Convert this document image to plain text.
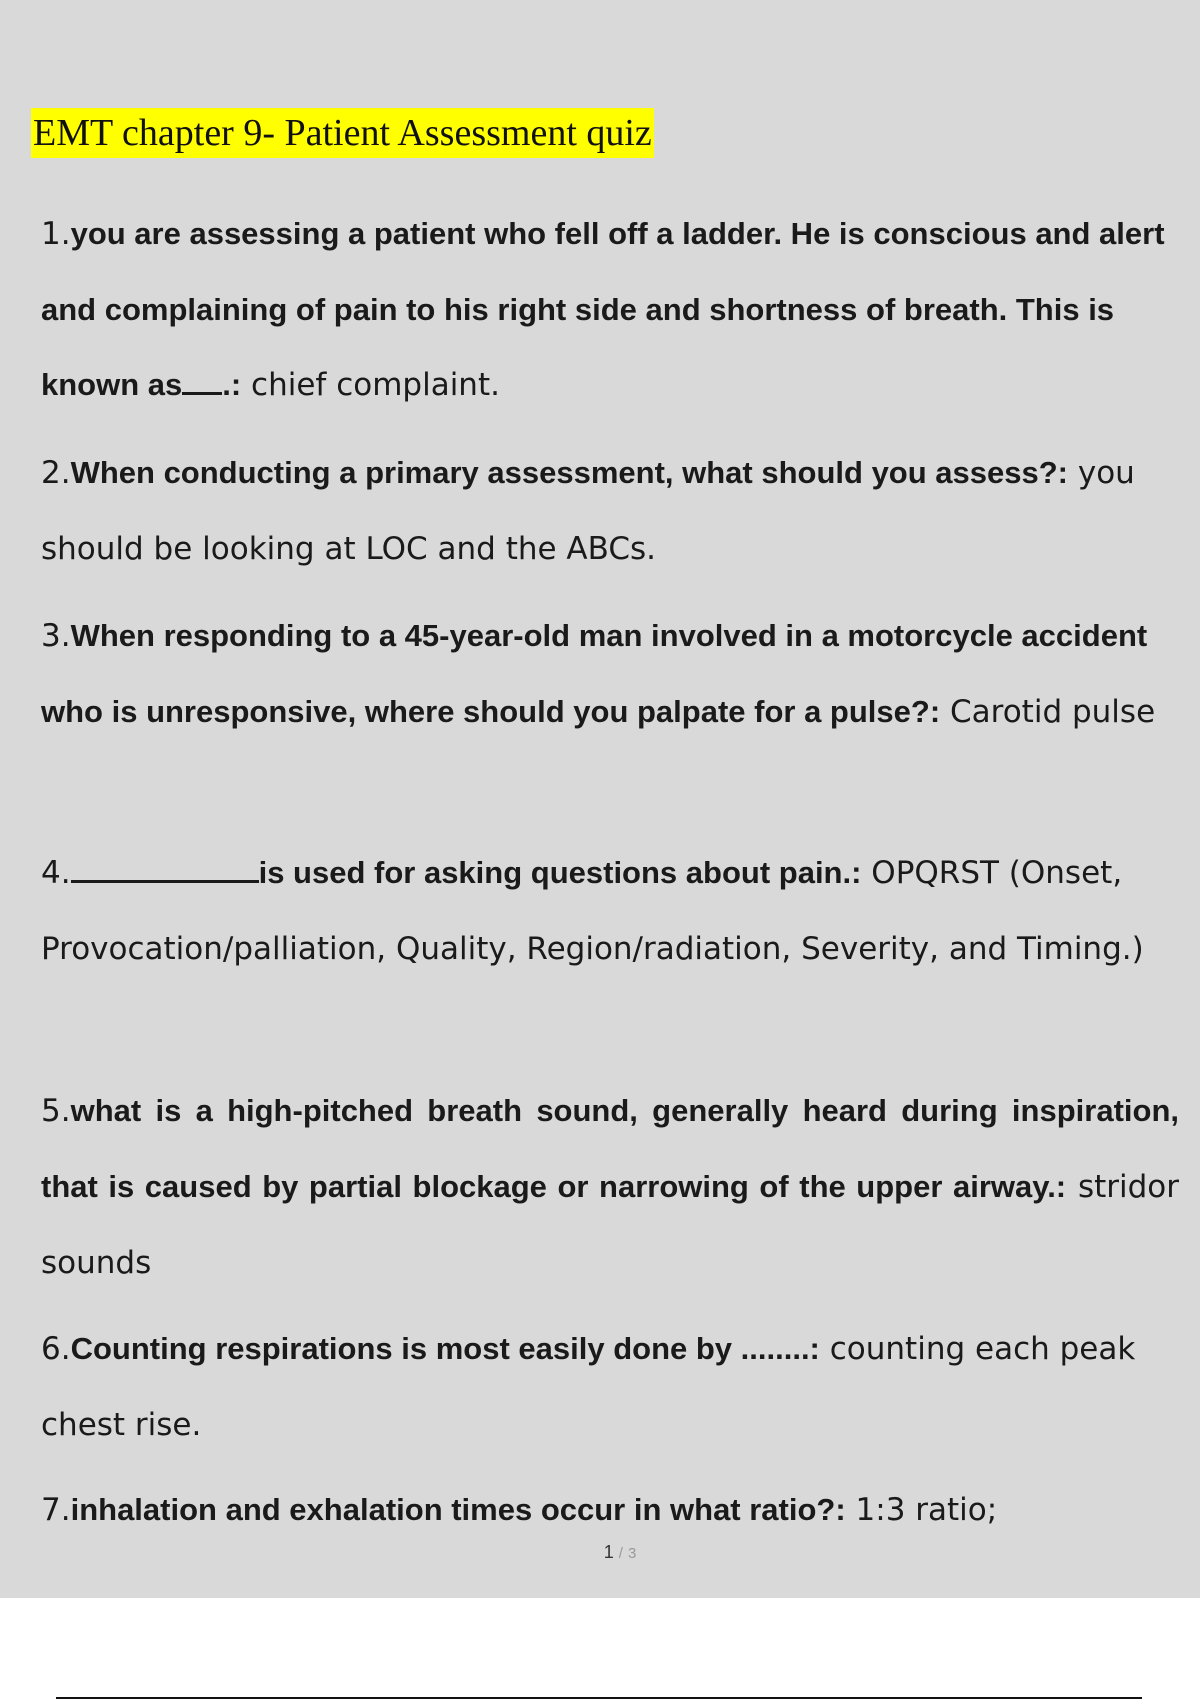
EMT chapter 9- Patient Assessment quiz
1.you are assessing a patient who fell off a ladder. He is conscious and alert and complaining of pain to his right side and shortness of breath. This is known as .: chief complaint.
2.When conducting a primary assessment, what should you assess?: you should be looking at LOC and the ABCs.
3.When responding to a 45-year-old man involved in a motorcycle accident who is unresponsive, where should you palpate for a pulse?: Carotid pulse
4.	is used for asking questions about pain.: OPQRST (Onset, Provocation/palliation, Quality, Region/radiation, Severity, and Timing.)
5.what is a high-pitched breath sound, generally heard during inspiration, that is caused by partial blockage or narrowing of the upper airway.: stridor sounds
6.Counting respirations is most easily done by ........: counting each peak chest rise.
7.inhalation and exhalation times occur in what ratio?: 1:3 ratio;
1 / 3
